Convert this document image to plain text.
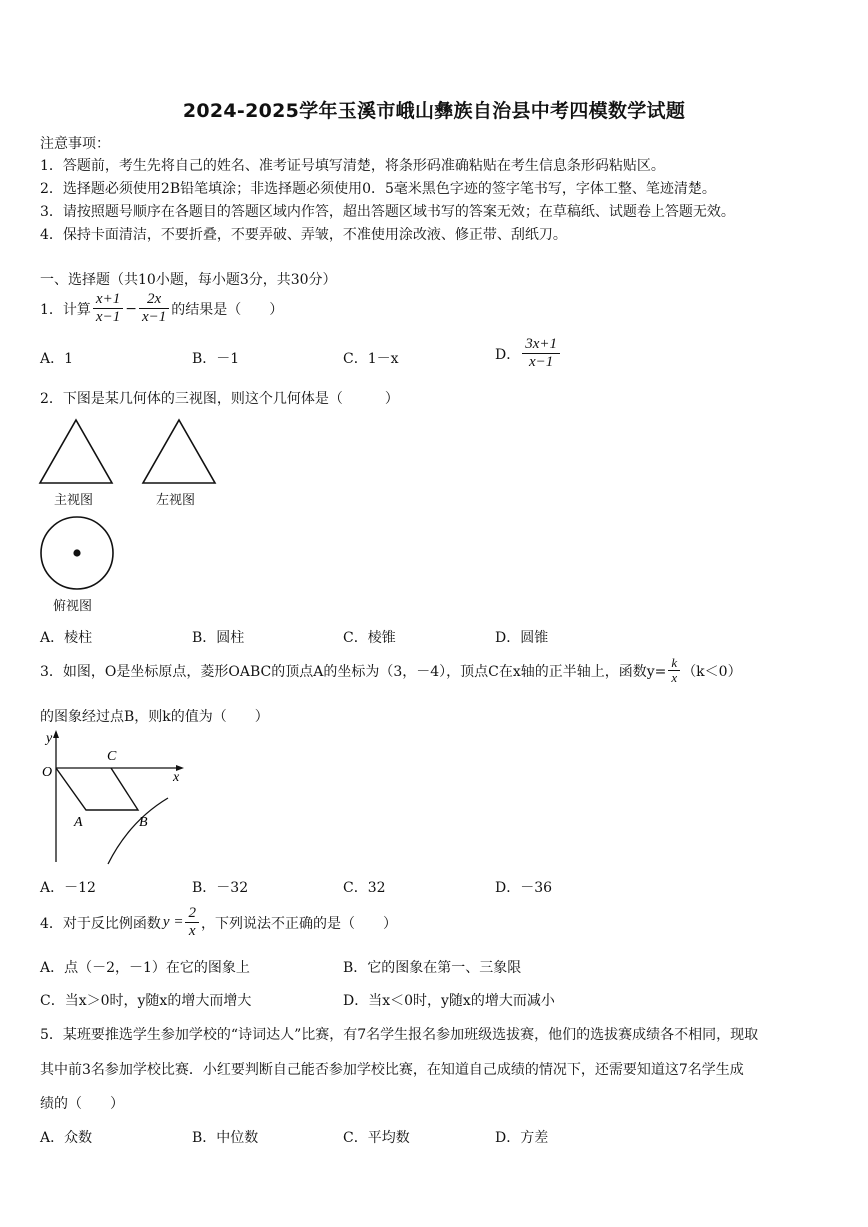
2024-2025学年玉溪市峨山彝族自治县中考四模数学试题
注意事项：
1．答题前，考生先将自己的姓名、准考证号填写清楚，将条形码准确粘贴在考生信息条形码粘贴区。
2．选择题必须使用2B铅笔填涂；非选择题必须使用0．5毫米黑色字迹的签字笔书写，字体工整、笔迹清楚。
3．请按照题号顺序在各题目的答题区域内作答，超出答题区域书写的答案无效；在草稿纸、试题卷上答题无效。
4．保持卡面清洁，不要折叠，不要弄破、弄皱，不准使用涂改液、修正带、刮纸刀。
一、选择题（共10小题，每小题3分，共30分）
1．计算 $\frac{x+1}{x-1} - \frac{2x}{x-1}$ 的结果是（　　）
A．1	B．－1	C．1－x	D． $\frac{3x+1}{x-1}$
2．下图是某几何体的三视图，则这个几何体是（　　　）
主视图	左视图
俯视图
A．棱柱	B．圆柱	C．棱锥	D．圆锥
3．如图，O是坐标原点，菱形OABC的顶点A的坐标为（3，－4），顶点C在x轴的正半轴上，函数$y= \frac{k}{x} (k<0)$
的图象经过点B，则k的值为（　　）
y
x
O
C
A	B
A．－12	B．－32	C．32	D．－36
4．对于反比例函数 $y = \frac{2}{x}$ ，下列说法不正确的是（　　）
A．点（－2，－1）在它的图象上	B．它的图象在第一、三象限
C．当x＞0时，y随x的增大而增大	D．当x＜0时，y随x的增大而减小
5．某班要推选学生参加学校的“诗词达人”比赛，有7名学生报名参加班级选拔赛，他们的选拔赛成绩各不相同，现取
其中前3名参加学校比赛．小红要判断自己能否参加学校比赛，在知道自己成绩的情况下，还需要知道这7名学生成
绩的（　　）
A．众数	B．中位数	C．平均数	D．方差
